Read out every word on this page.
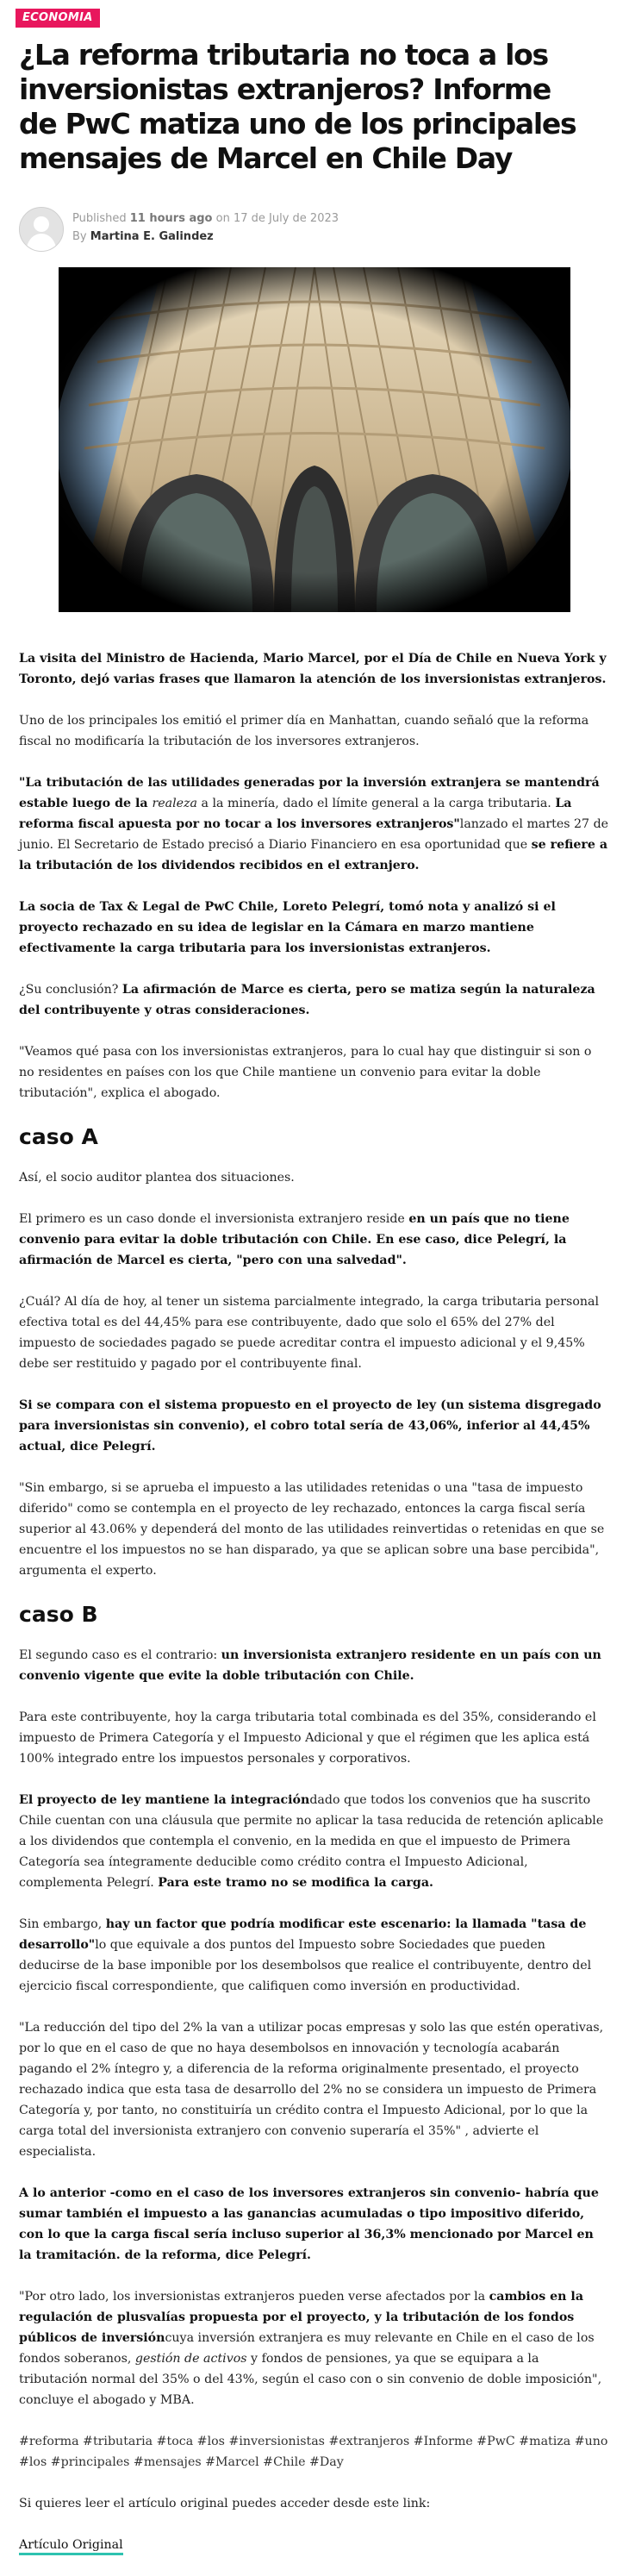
ECONOMIA
¿La reforma tributaria no toca a los inversionistas extranjeros? Informe de PwC matiza uno de los principales mensajes de Marcel en Chile Day
Published 11 hours ago on 17 de July de 2023
By Martina E. Galindez

La visita del Ministro de Hacienda, Mario Marcel, por el Día de Chile en Nueva York y Toronto, dejó varias frases que llamaron la atención de los inversionistas extranjeros.

Uno de los principales los emitió el primer día en Manhattan, cuando señaló que la reforma fiscal no modificaría la tributación de los inversores extranjeros.

"La tributación de las utilidades generadas por la inversión extranjera se mantendrá estable luego de la realeza a la minería, dado el límite general a la carga tributaria. La reforma fiscal apuesta por no tocar a los inversores extranjeros"lanzado el martes 27 de junio. El Secretario de Estado precisó a Diario Financiero en esa oportunidad que se refiere a la tributación de los dividendos recibidos en el extranjero.

La socia de Tax & Legal de PwC Chile, Loreto Pelegrí, tomó nota y analizó si el proyecto rechazado en su idea de legislar en la Cámara en marzo mantiene efectivamente la carga tributaria para los inversionistas extranjeros.

¿Su conclusión? La afirmación de Marce es cierta, pero se matiza según la naturaleza del contribuyente y otras consideraciones.

"Veamos qué pasa con los inversionistas extranjeros, para lo cual hay que distinguir si son o no residentes en países con los que Chile mantiene un convenio para evitar la doble tributación", explica el abogado.

caso A

Así, el socio auditor plantea dos situaciones.

El primero es un caso donde el inversionista extranjero reside en un país que no tiene convenio para evitar la doble tributación con Chile. En ese caso, dice Pelegrí, la afirmación de Marcel es cierta, "pero con una salvedad".

¿Cuál? Al día de hoy, al tener un sistema parcialmente integrado, la carga tributaria personal efectiva total es del 44,45% para ese contribuyente, dado que solo el 65% del 27% del impuesto de sociedades pagado se puede acreditar contra el impuesto adicional y el 9,45% debe ser restituido y pagado por el contribuyente final.

Si se compara con el sistema propuesto en el proyecto de ley (un sistema disgregado para inversionistas sin convenio), el cobro total sería de 43,06%, inferior al 44,45% actual, dice Pelegrí.

"Sin embargo, si se aprueba el impuesto a las utilidades retenidas o una "tasa de impuesto diferido" como se contempla en el proyecto de ley rechazado, entonces la carga fiscal sería superior al 43.06% y dependerá del monto de las utilidades reinvertidas o retenidas en que se encuentre el los impuestos no se han disparado, ya que se aplican sobre una base percibida", argumenta el experto.

caso B

El segundo caso es el contrario: un inversionista extranjero residente en un país con un convenio vigente que evite la doble tributación con Chile.

Para este contribuyente, hoy la carga tributaria total combinada es del 35%, considerando el impuesto de Primera Categoría y el Impuesto Adicional y que el régimen que les aplica está 100% integrado entre los impuestos personales y corporativos.

El proyecto de ley mantiene la integracióndado que todos los convenios que ha suscrito Chile cuentan con una cláusula que permite no aplicar la tasa reducida de retención aplicable a los dividendos que contempla el convenio, en la medida en que el impuesto de Primera Categoría sea íntegramente deducible como crédito contra el Impuesto Adicional, complementa Pelegrí. Para este tramo no se modifica la carga.

Sin embargo, hay un factor que podría modificar este escenario: la llamada "tasa de desarrollo"lo que equivale a dos puntos del Impuesto sobre Sociedades que pueden deducirse de la base imponible por los desembolsos que realice el contribuyente, dentro del ejercicio fiscal correspondiente, que califiquen como inversión en productividad.

"La reducción del tipo del 2% la van a utilizar pocas empresas y solo las que estén operativas, por lo que en el caso de que no haya desembolsos en innovación y tecnología acabarán pagando el 2% íntegro y, a diferencia de la reforma originalmente presentado, el proyecto rechazado indica que esta tasa de desarrollo del 2% no se considera un impuesto de Primera Categoría y, por tanto, no constituiría un crédito contra el Impuesto Adicional, por lo que la carga total del inversionista extranjero con convenio superaría el 35%" , advierte el especialista.

A lo anterior -como en el caso de los inversores extranjeros sin convenio- habría que sumar también el impuesto a las ganancias acumuladas o tipo impositivo diferido, con lo que la carga fiscal sería incluso superior al 36,3% mencionado por Marcel en la tramitación. de la reforma, dice Pelegrí.

"Por otro lado, los inversionistas extranjeros pueden verse afectados por la cambios en la regulación de plusvalías propuesta por el proyecto, y la tributación de los fondos públicos de inversióncuya inversión extranjera es muy relevante en Chile en el caso de los fondos soberanos, gestión de activos y fondos de pensiones, ya que se equipara a la tributación normal del 35% o del 43%, según el caso con o sin convenio de doble imposición", concluye el abogado y MBA.

#reforma #tributaria #toca #los #inversionistas #extranjeros #Informe #PwC #matiza #uno #los #principales #mensajes #Marcel #Chile #Day

Si quieres leer el artículo original puedes acceder desde este link:

Artículo Original
